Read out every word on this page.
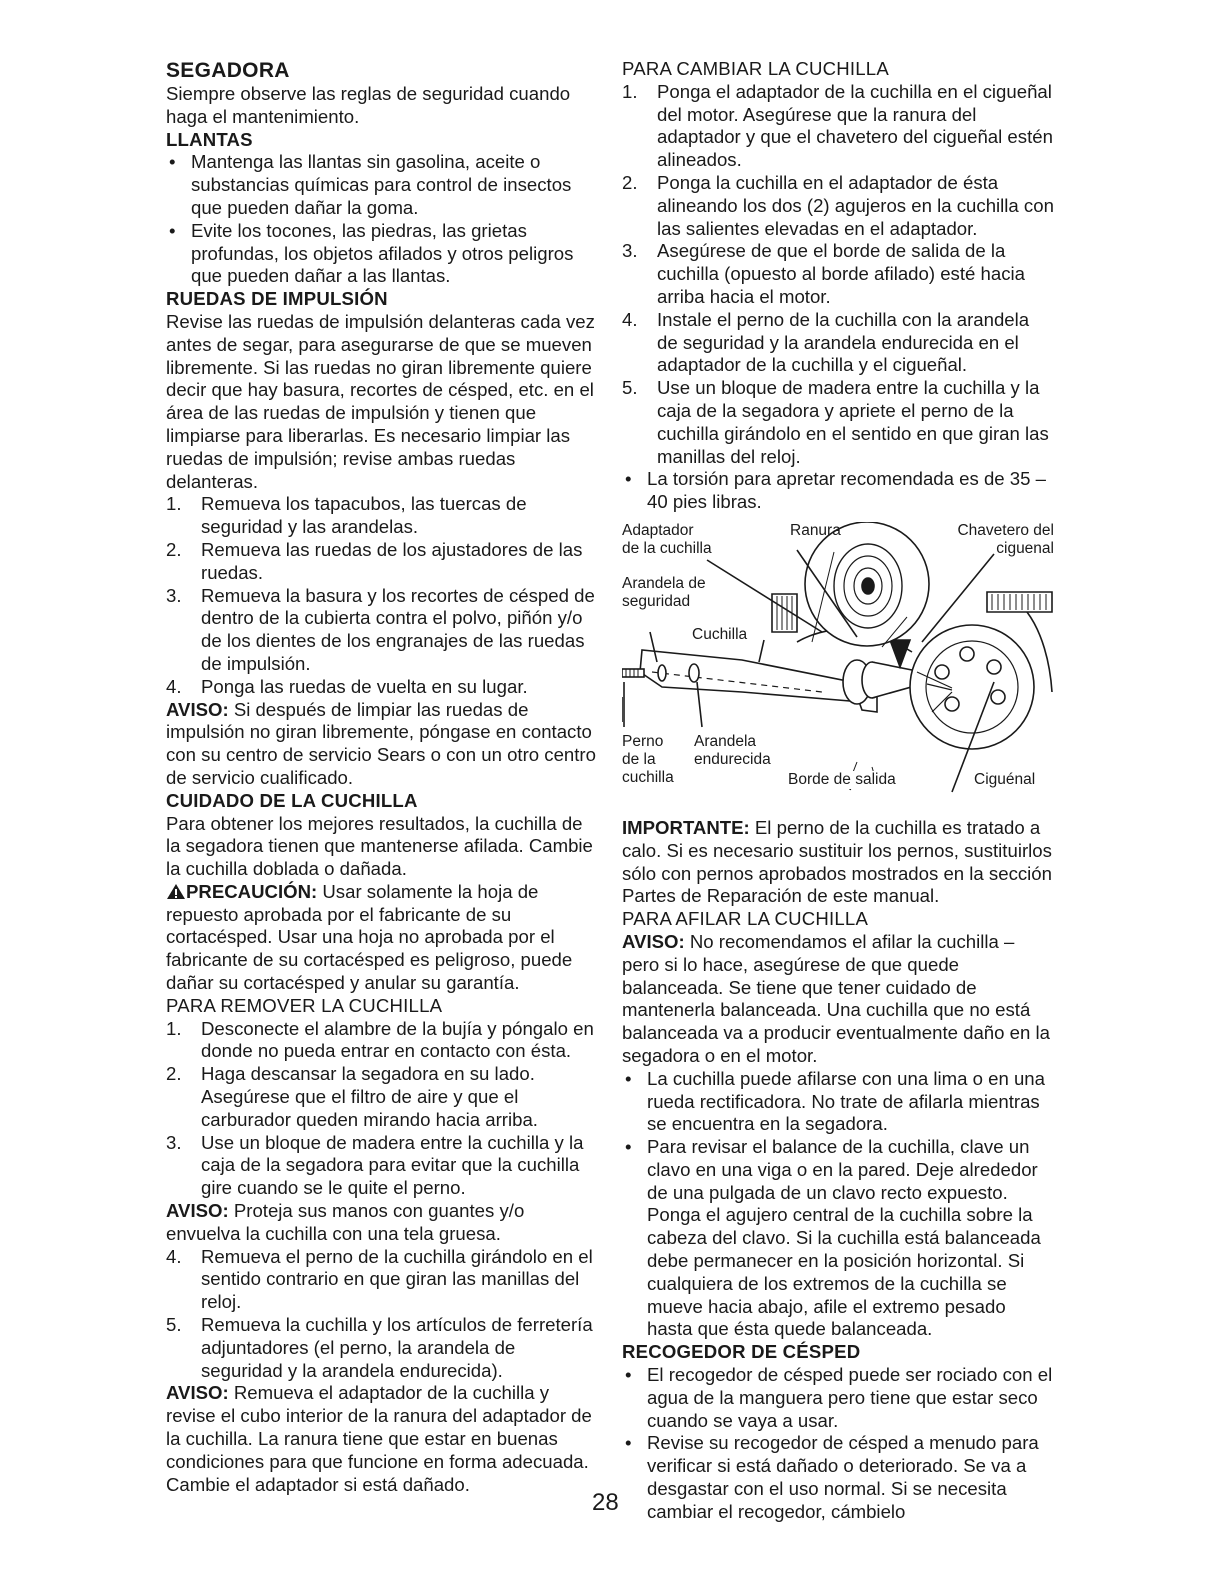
SEGADORA

Siempre observe las reglas de seguridad cuando haga el mantenimiento.

LLANTAS

• Mantenga las llantas sin gasolina, aceite o substancias químicas para control de insectos que pueden dañar la goma.

• Evite los tocones, las piedras, las grietas profundas, los objetos afilados y otros peligros que pueden dañar a las llantas.

RUEDAS DE IMPULSIÓN

Revise las ruedas de impulsión delanteras cada vez antes de segar, para asegurarse de que se mueven libremente. Si las ruedas no giran libremente quiere decir que hay basura, recortes de césped, etc. en el área de las ruedas de impulsión y tienen que limpiarse para liberarlas. Es necesario limpiar las ruedas de impulsión; revise ambas ruedas delanteras.

1. Remueva los tapacubos, las tuercas de seguridad y las arandelas.

2. Remueva las ruedas de los ajustadores de las ruedas.

3. Remueva la basura y los recortes de césped de dentro de la cubierta contra el polvo, piñón y/o de los dientes de los engranajes de las ruedas de impulsión.

4. Ponga las ruedas de vuelta en su lugar.

AVISO: Si después de limpiar las ruedas de impulsión no giran libremente, póngase en contacto con su centro de servicio Sears o con un otro centro de servicio cualificado.

CUIDADO DE LA CUCHILLA

Para obtener los mejores resultados, la cuchilla de la segadora tienen que mantenerse afilada. Cambie la cuchilla doblada o dañada.

PRECAUCIÓN: Usar solamente la hoja de repuesto aprobada por el fabricante de su cortacésped. Usar una hoja no aprobada por el fabricante de su cortacésped es peligroso, puede dañar su cortacésped y anular su garantía.

PARA REMOVER LA CUCHILLA

1. Desconecte el alambre de la bujía y póngalo en donde no pueda entrar en contacto con ésta.

2. Haga descansar la segadora en su lado. Asegúrese que el filtro de aire y que el carburador queden mirando hacia arriba.

3. Use un bloque de madera entre la cuchilla y la caja de la segadora para evitar que la cuchilla gire cuando se le quite el perno.

AVISO: Proteja sus manos con guantes y/o envuelva la cuchilla con una tela gruesa.

4. Remueva el perno de la cuchilla girándolo en el sentido contrario en que giran las manillas del reloj.

5. Remueva la cuchilla y los artículos de ferretería adjuntadores (el perno, la arandela de seguridad y la arandela endurecida).

AVISO: Remueva el adaptador de la cuchilla y revise el cubo interior de la ranura del adaptador de la cuchilla. La ranura tiene que estar en buenas condiciones para que funcione en forma adecuada. Cambie el adaptador si está dañado.

PARA CAMBIAR LA CUCHILLA

1. Ponga el adaptador de la cuchilla en el cigueñal del motor. Asegúrese que la ranura del adaptador y que el chavetero del cigueñal estén alineados.

2. Ponga la cuchilla en el adaptador de ésta alineando los dos (2) agujeros en la cuchilla con las salientes elevadas en el adaptador.

3. Asegúrese de que el borde de salida de la cuchilla (opuesto al borde afilado) esté hacia arriba hacia el motor.

4. Instale el perno de la cuchilla con la arandela de seguridad y la arandela endurecida en el adaptador de la cuchilla y el cigueñal.

5. Use un bloque de madera entre la cuchilla y la caja de la segadora y apriete el perno de la cuchilla girándolo en el sentido en que giran las manillas del reloj.

• La torsión para apretar recomendada es de 35 – 40 pies libras.

Adaptador de la cuchilla
Ranura	Chavetero del ciguenal
Arandela de seguridad
Cuchilla
Perno de la cuchilla
Arandela endurecida
Borde de salida	Ciguénal

IMPORTANTE: El perno de la cuchilla es tratado a calo. Si es necesario sustituir los pernos, sustituirlos sólo con pernos aprobados mostrados en la sección Partes de Reparación de este manual.

PARA AFILAR LA CUCHILLA

AVISO: No recomendamos el afilar la cuchilla – pero si lo hace, asegúrese de que quede balanceada. Se tiene que tener cuidado de mantenerla balanceada. Una cuchilla que no está balanceada va a producir eventualmente daño en la segadora o en el motor.

• La cuchilla puede afilarse con una lima o en una rueda rectificadora. No trate de afilarla mientras se encuentra en la segadora.

• Para revisar el balance de la cuchilla, clave un clavo en una viga o en la pared. Deje alrededor de una pulgada de un clavo recto expuesto. Ponga el agujero central de la cuchilla sobre la cabeza del clavo. Si la cuchilla está balanceada debe permanecer en la posición horizontal. Si cualquiera de los extremos de la cuchilla se mueve hacia abajo, afile el extremo pesado hasta que ésta quede balanceada.

RECOGEDOR DE CÉSPED

• El recogedor de césped puede ser rociado con el agua de la manguera pero tiene que estar seco cuando se vaya a usar.

• Revise su recogedor de césped a menudo para verificar si está dañado o deteriorado. Se va a desgastar con el uso normal. Si se necesita cambiar el recogedor, cámbielo

28
